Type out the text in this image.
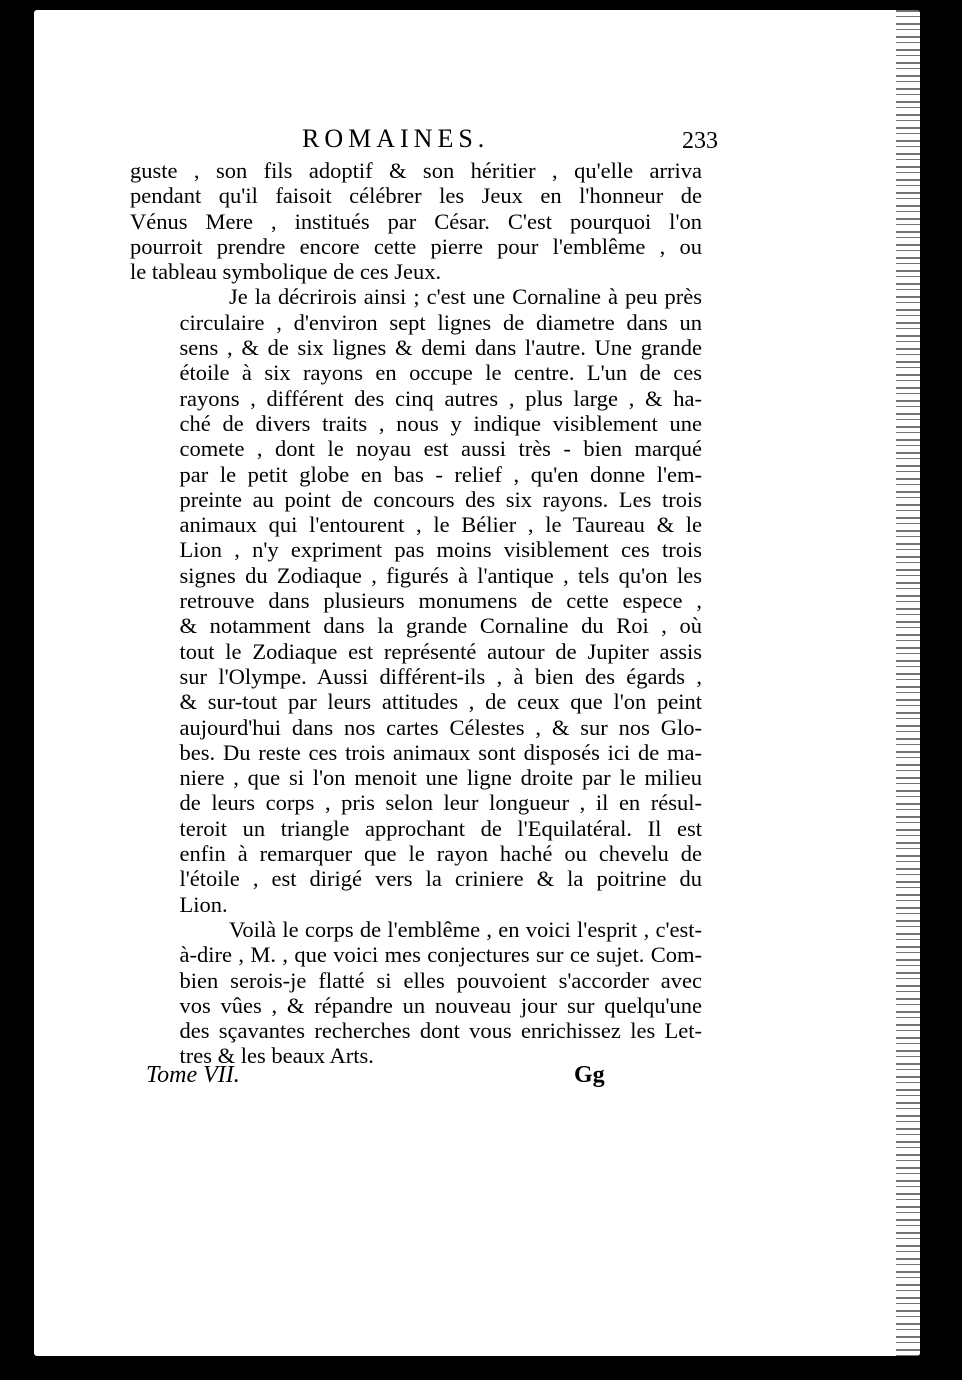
ROMAINES.	233

guste , son fils adoptif & son héritier , qu'elle arriva
pendant qu'il faisoit célébrer les Jeux en l'honneur de
Vénus Mere , institués par César. C'est pourquoi l'on
pourroit prendre encore cette pierre pour l'emblême , ou
le tableau symbolique de ces Jeux.

Je la décrirois ainsi ; c'est une Cornaline à peu près
circulaire , d'environ sept lignes de diametre dans un
sens , & de six lignes & demi dans l'autre. Une grande
étoile à six rayons en occupe le centre. L'un de ces
rayons , différent des cinq autres , plus large , & ha-
ché de divers traits , nous y indique visiblement une
comete , dont le noyau est aussi très - bien marqué
par le petit globe en bas - relief , qu'en donne l'em-
preinte au point de concours des six rayons. Les trois
animaux qui l'entourent , le Bélier , le Taureau & le
Lion , n'y expriment pas moins visiblement ces trois
signes du Zodiaque , figurés à l'antique , tels qu'on les
retrouve dans plusieurs monumens de cette espece ,
& notamment dans la grande Cornaline du Roi , où
tout le Zodiaque est représenté autour de Jupiter assis
sur l'Olympe. Aussi différent-ils , à bien des égards ,
& sur-tout par leurs attitudes , de ceux que l'on peint
aujourd'hui dans nos cartes Célestes , & sur nos Glo-
bes. Du reste ces trois animaux sont disposés ici de ma-
niere , que si l'on menoit une ligne droite par le milieu
de leurs corps , pris selon leur longueur , il en résul-
teroit un triangle approchant de l'Equilatéral. Il est
enfin à remarquer que le rayon haché ou chevelu de
l'étoile , est dirigé vers la criniere & la poitrine du
Lion.

Voilà le corps de l'emblême , en voici l'esprit , c'est-
à-dire , M. , que voici mes conjectures sur ce sujet. Com-
bien serois-je flatté si elles pouvoient s'accorder avec
vos vûes , & répandre un nouveau jour sur quelqu'une
des sçavantes recherches dont vous enrichissez les Let-
tres & les beaux Arts.

Tome VII.	Gg
